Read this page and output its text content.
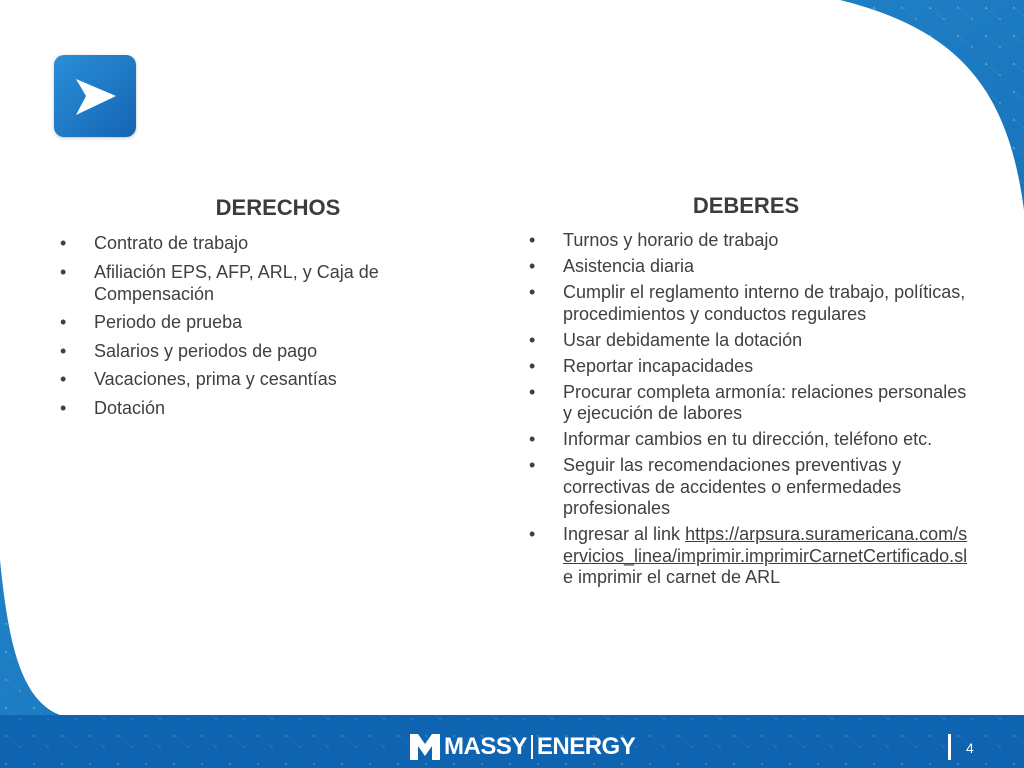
DERECHOS	DEBERES
• Contrato de trabajo
• Afiliación EPS, AFP, ARL, y Caja de Compensación
• Periodo de prueba
• Salarios y periodos de pago
• Vacaciones, prima y cesantías
• Dotación
• Turnos y horario de trabajo
• Asistencia diaria
• Cumplir el reglamento interno de trabajo, políticas, procedimientos y conductos regulares
• Usar debidamente la dotación
• Reportar incapacidades
• Procurar completa armonía: relaciones personales y ejecución de labores
• Informar cambios en tu dirección, teléfono etc.
• Seguir las recomendaciones preventivas y correctivas de accidentes o enfermedades profesionales
• Ingresar al link https://arpsura.suramericana.com/servicios_linea/imprimir.imprimirCarnetCertificado.sl e imprimir el carnet de ARL
MASSY ENERGY	4
